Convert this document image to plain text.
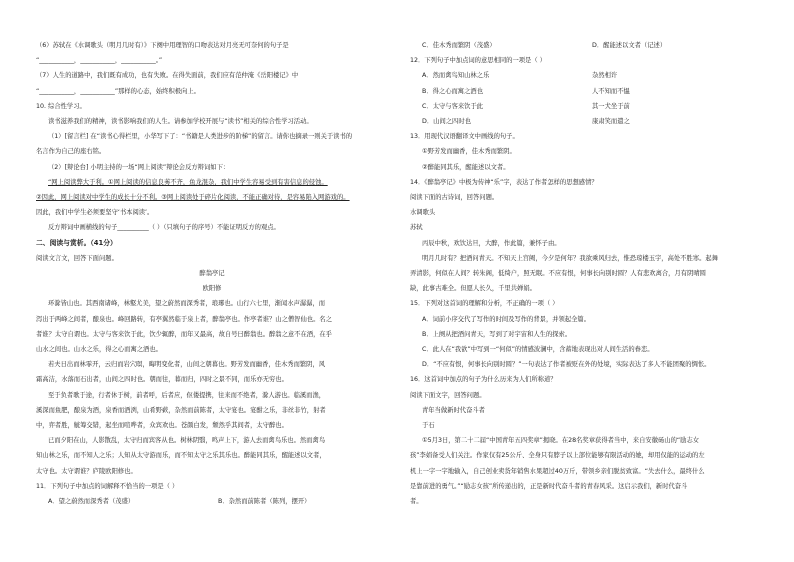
（6）苏轼在《水调歌头（明月几时有）》下阕中用理智的口吻表达对月亮无可奈何的句子是
“___________，___________，___________。”
（7）人生的道路中，我们既有成功，也有失败。在得失面前，我们应有范仲淹《岳阳楼记》中
“___________，___________”那样的心态，始终积极向上。
10. 综合性学习。
读书滋养我们的精神，读书影响我们的人生。请参加学校开展与“读书”相关的综合性学习活动。
（1）[留言栏] 在“读书心得栏里，小华写下了：“书籍是人类进步的阶梯”的留言。请你也摘录一则关于读书的
名言作为自己的座右铭。
（2）[辩论台] 小明主持的一场“网上阅读”辩论会反方辩词如下：
“网上阅读弊大于利。①网上阅读的信息良莠不齐，鱼龙混杂，我们中学生容易受到有害信息的侵蚀。
②因此，网上阅读对中学生的成长十分不利。③网上阅读处于碎片化阅读，不能正确对待，是容易陷入网游戏的。
因此，我们中学生必须要坚守‘书本阅读’。
反方辩词中画横线的句子__________（ ）（只填句子的序号）不能证明反方的观点。
二、阅读与赏析。（41分）
阅读文言文，回答下面问题。
醉翁亭记
欧阳修
环滁皆山也。其西南诸峰，林壑尤美，望之蔚然而深秀者，琅琊也。山行六七里，渐闻水声潺潺，而
泻出于两峰之间者，酿泉也。峰回路转，有亭翼然临于泉上者，醉翁亭也。作亭者谁？山之僧智仙也。名之
者谁？太守自谓也。太守与客来饮于此，饮少辄醉，而年又最高，故自号曰醉翁也。醉翁之意不在酒，在乎
山水之间也。山水之乐，得之心而寓之酒也。
若夫日出而林霏开，云归而岩穴暝，晦明变化者，山间之朝暮也。野芳发而幽香，佳木秀而繁阴，风
霜高洁，水落而石出者，山间之四时也。朝而往，暮而归，四时之景不同，而乐亦无穷也。
至于负者歌于途，行者休于树，前者呼，后者应，伛偻提携，往来而不绝者，滁人游也。临溪而渔，
溪深而鱼肥，酿泉为酒，泉香而酒洌，山肴野蔌，杂然而前陈者，太守宴也。宴酣之乐，非丝非竹，射者
中，弈者胜，觥筹交错，起坐而喧哗者，众宾欢也。苍颜白发，颓然乎其间者，太守醉也。
已而夕阳在山，人影散乱，太守归而宾客从也。树林阴翳，鸣声上下，游人去而禽鸟乐也。然而禽鸟
知山林之乐，而不知人之乐；人知从太守游而乐，而不知太守之乐其乐也。醉能同其乐，醒能述以文者，
太守也。太守谓谁？庐陵欧阳修也。
11．下列句子中加点的词解释不恰当的一项是（ ）
A．望之蔚然而深秀者（茂盛）	B．杂然而前陈者（陈列，摆开）
C．佳木秀而繁阴（茂盛）	D．醒能述以文者（记述）
12．下列句子中加点词的意思相同的一项是（ ）
A．然而禽鸟知山林之乐	杂然相许
B．得之心而寓之酒也	人不知而不愠
C．太守与客来饮于此	其一犬坐于前
D．山间之四时也	康肃笑而遣之
13．用现代汉语翻译文中画线的句子。
①野芳发而幽香，佳木秀而繁阴。
②醉能同其乐，醒能述以文者。
14．《醉翁亭记》中极为传神“乐”字，表达了作者怎样的思想感情？
阅读下面的古诗词，回答问题。
水调歌头
苏轼
丙辰中秋，欢饮达旦，大醉，作此篇，兼怀子由。
明月几时有？把酒问青天。不知天上宫阙，今夕是何年？我欲乘风归去，惟恐琼楼玉宇，高处不胜寒。起舞
弄清影，何似在人间？转朱阁，低绮户，照无眠。不应有恨，何事长向别时圆？人有悲欢离合，月有阴晴圆
缺，此事古难全。但愿人长久，千里共婵娟。
15．下列对这首词的理解和分析，不正确的一项（ ）
A．词前小序交代了写作的时间及写作的背景，并领起全篇。
B．上阕从把酒问青天，写到了对宇宙和人生的探索。
C．此人在“我欲”中写到一“何似”的情感波澜中，含蓄地表现出对人间生活的眷恋。
D．“不应有恨，何事长向别时圆？”一句表达了作者被贬在外的处境，实际表达了多人不能团聚的惆怅。
16．这首词中加点的句子为什么历来为人们所称道？
阅读下面文字，回答问题。
青年当做新时代奋斗者
于石
①5月3日，第二十二届“中国青年五四奖章”揭晓。在28名奖章获得者当中，来自安徽砀山的“励志女
孩”李娟备受人们关注。作家仅有25公斤、全身只有脖子以上部位能够有限活动的她，却用仅能的运动的左
机上一字一字地输入，自己创业卖货年销售水果超过40万斤，带领乡亲们脱贫致富。“失去什么，最终什么
是靠前进的勇气。”“励志女孩”所传递出的，正是新时代奋斗者的青春风采。这启示我们，新时代奋斗
者。
